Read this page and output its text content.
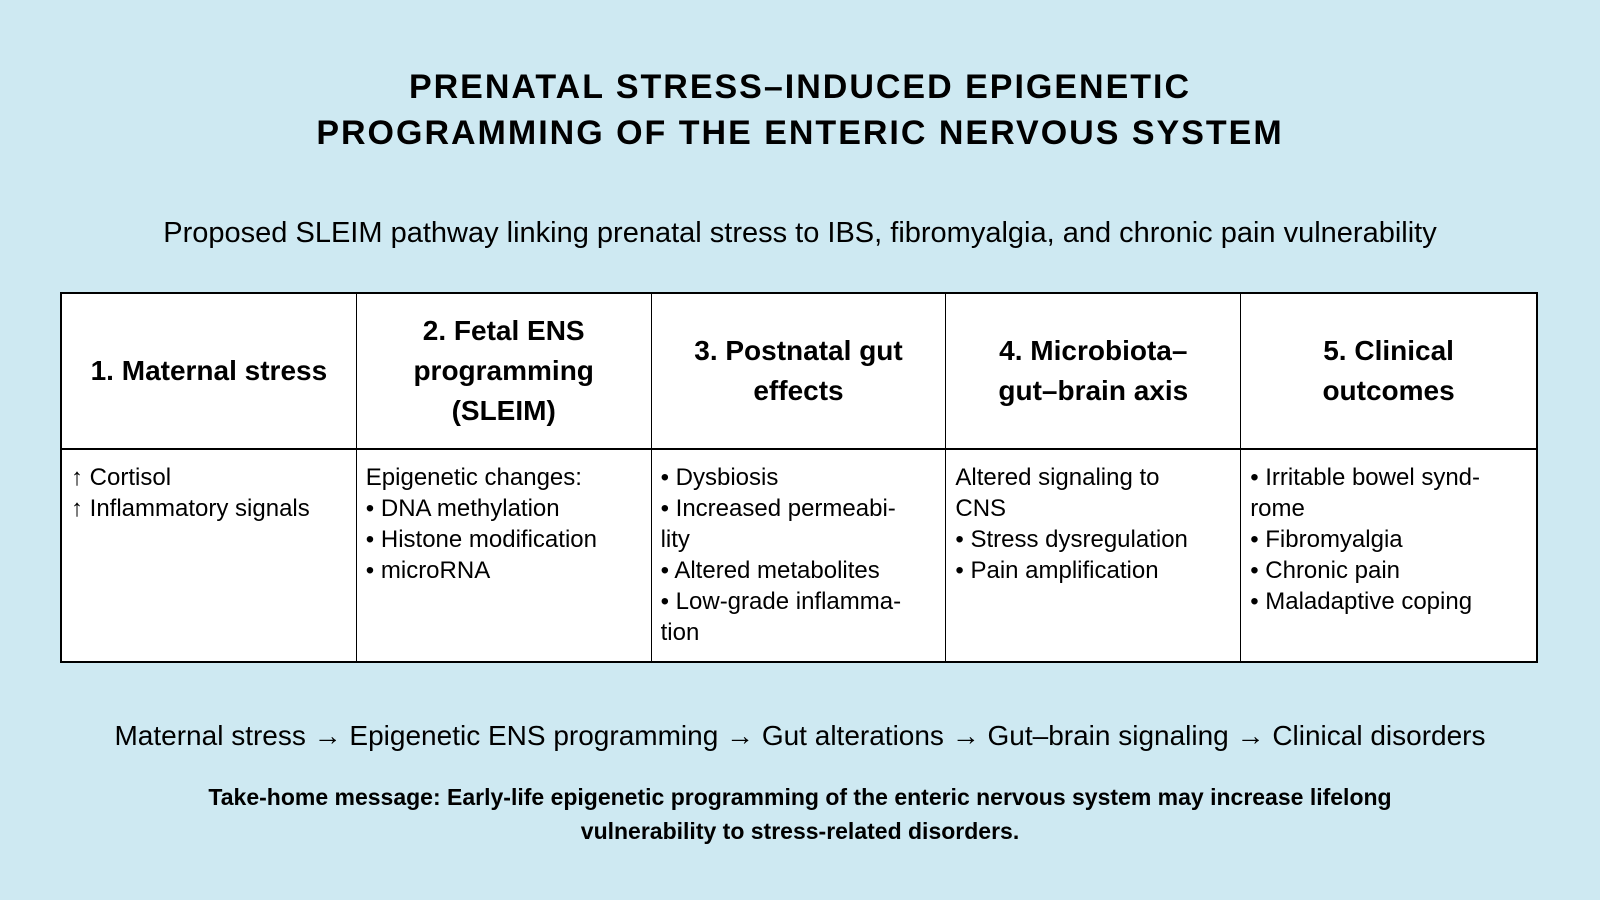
PRENATAL STRESS–INDUCED EPIGENETIC
PROGRAMMING OF THE ENTERIC NERVOUS SYSTEM
Proposed SLEIM pathway linking prenatal stress to IBS, fibromyalgia, and chronic pain vulnerability
1. Maternal stress
2. Fetal ENS
programming
(SLEIM)
3. Postnatal gut
effects
4. Microbiota–
gut–brain axis
5. Clinical
outcomes
↑ Cortisol
↑ Inflammatory signals
Epigenetic changes:
• DNA methylation
• Histone modification
• microRNA
• Dysbiosis
• Increased permeabi-
lity
• Altered metabolites
• Low-grade inflamma-
tion
Altered signaling to
CNS
• Stress dysregulation
• Pain amplification
• Irritable bowel synd-
rome
• Fibromyalgia
• Chronic pain
• Maladaptive coping
Maternal stress → Epigenetic ENS programming → Gut alterations → Gut–brain signaling → Clinical disorders
Take-home message: Early-life epigenetic programming of the enteric nervous system may increase lifelong
vulnerability to stress-related disorders.
